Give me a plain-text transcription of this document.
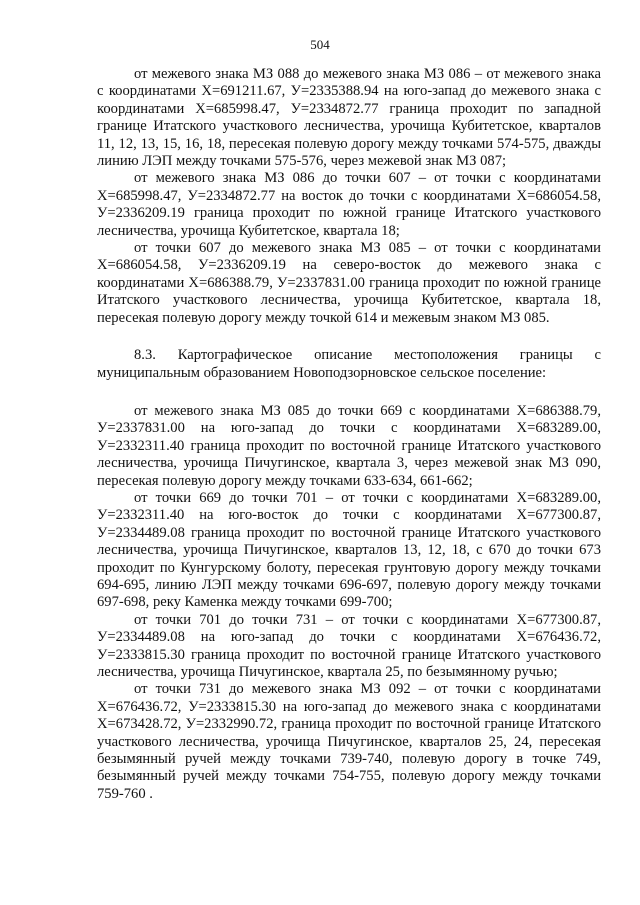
504

от межевого знака МЗ 088 до межевого знака МЗ 086 – от межевого знака с координатами X=691211.67, У=2335388.94 на юго-запад до межевого знака с координатами X=685998.47, У=2334872.77 граница проходит по западной границе Итатского участкового лесничества, урочища Кубитетское, кварталов 11, 12, 13, 15, 16, 18, пересекая полевую дорогу между точками 574-575, дважды линию ЛЭП между точками 575-576, через межевой знак МЗ 087;

от межевого знака МЗ 086 до точки 607 – от точки с координатами X=685998.47, У=2334872.77 на восток до точки с координатами X=686054.58, У=2336209.19 граница проходит по южной границе Итатского участкового лесничества, урочища Кубитетское, квартала 18;

от точки 607 до межевого знака МЗ 085 – от точки с координатами X=686054.58, У=2336209.19 на северо-восток до межевого знака с координатами X=686388.79, У=2337831.00 граница проходит по южной границе Итатского участкового лесничества, урочища Кубитетское, квартала 18, пересекая полевую дорогу между точкой 614 и межевым знаком МЗ 085.

8.3. Картографическое описание местоположения границы с муниципальным образованием Новоподзорновское сельское поселение:

от межевого знака МЗ 085 до точки 669 с координатами X=686388.79, У=2337831.00 на юго-запад до точки с координатами X=683289.00, У=2332311.40 граница проходит по восточной границе Итатского участкового лесничества, урочища Пичугинское, квартала 3, через межевой знак МЗ 090, пересекая полевую дорогу между точками 633-634, 661-662;

от точки 669 до точки 701 – от точки с координатами X=683289.00, У=2332311.40 на юго-восток до точки с координатами X=677300.87, У=2334489.08 граница проходит по восточной границе Итатского участкового лесничества, урочища Пичугинское, кварталов 13, 12, 18, с 670 до точки 673 проходит по Кунгурскому болоту, пересекая грунтовую дорогу между точками 694-695, линию ЛЭП между точками 696-697, полевую дорогу между точками 697-698, реку Каменка между точками 699-700;

от точки 701 до точки 731 – от точки с координатами X=677300.87, У=2334489.08 на юго-запад до точки с координатами X=676436.72, У=2333815.30 граница проходит по восточной границе Итатского участкового лесничества, урочища Пичугинское, квартала 25, по безымянному ручью;

от точки 731 до межевого знака МЗ 092 – от точки с координатами X=676436.72, У=2333815.30 на юго-запад до межевого знака с координатами X=673428.72, У=2332990.72, граница проходит по восточной границе Итатского участкового лесничества, урочища Пичугинское, кварталов 25, 24, пересекая безымянный ручей между точками 739-740, полевую дорогу в точке 749, безымянный ручей между точками 754-755, полевую дорогу между точками 759-760 .
